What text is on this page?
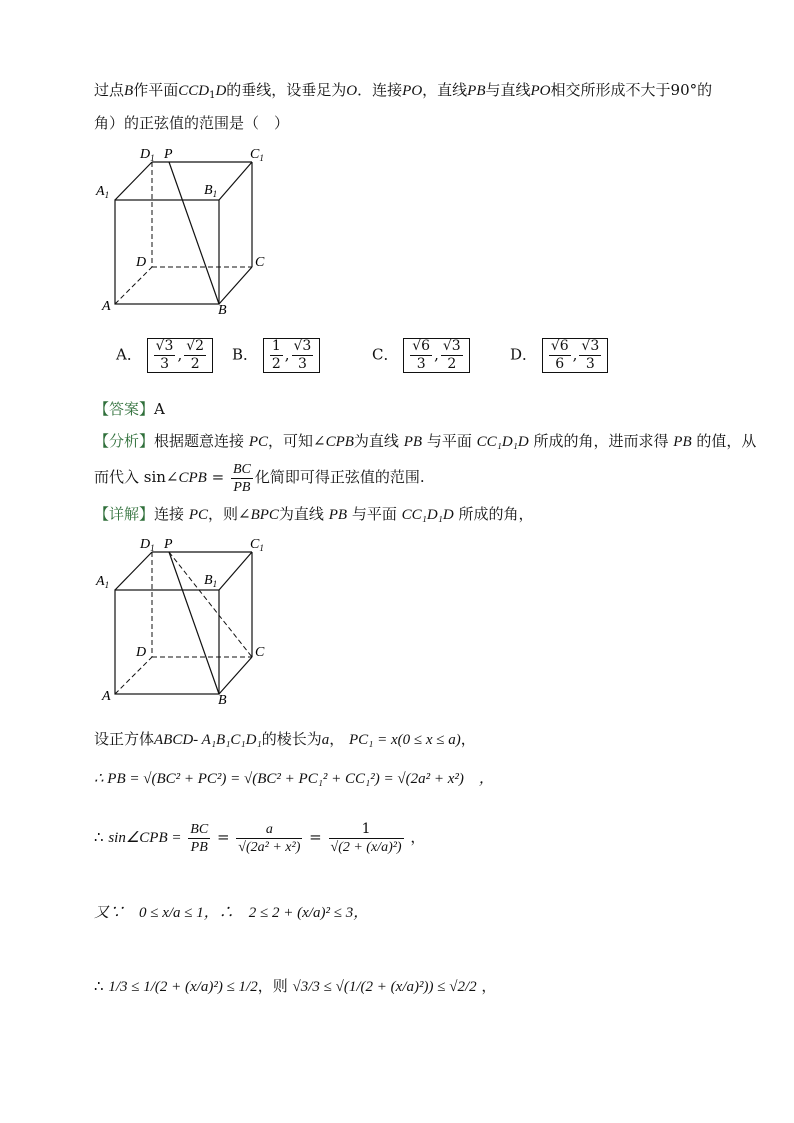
过点B作平面$CCD_1D$的垂线，设垂足为O．连接PO，直线PB与直线PO相交所形成不大于90°的
角）的正弦值的范围是（　）
$D_1$ P	$C_1$
$A_1$	$B_1$
D	C
A	B
A． $\frac{√3}{3}$ , $\frac{√2}{2}$ B． $\frac{1}{2}$ , $\frac{√3}{3}$	C． $\frac{√6}{3}$ , $\frac{√3}{2}$	D． $\frac{√6}{6}$ , $\frac{√3}{3}$
【答案】A
【分析】根据题意连接 PC，可知∠CPB为直线 PB 与平面 CC₁D₁D 所成的角，进而求得 PB 的值，从
而代入 sin∠CPB = $\frac{BC}{PB}$ 化简即可得正弦值的范围.
【详解】连接 PC，则∠BPC为直线 PB 与平面 CC₁D₁D 所成的角，
$D_1$ P	$C_1$
$A_1$	$B_1$
D	C
A	B
设正方体ABCD- A₁B₁C₁D₁的棱长为a， PC₁ = x(0 ≤ x ≤ a)，
∴ PB = √(BC² + PC²) = √(BC² + PC₁² + CC₁²) = √(2a² + x²)　，
∴ sin∠CPB = $\frac{BC}{PB} = \frac{a}{\text{√(2a² + x²)}} = \frac{1}{\text{√(2 + (x/a)²)}}$ ，
又∵　0 ≤ x/a ≤ 1，∴　2 ≤ 2 + (x/a)² ≤ 3，
∴ 1/3 ≤ 1/(2 + (x/a)²) ≤ 1/2，则 √3/3 ≤ √(1/(2 + (x/a)²)) ≤ √2/2 ，
